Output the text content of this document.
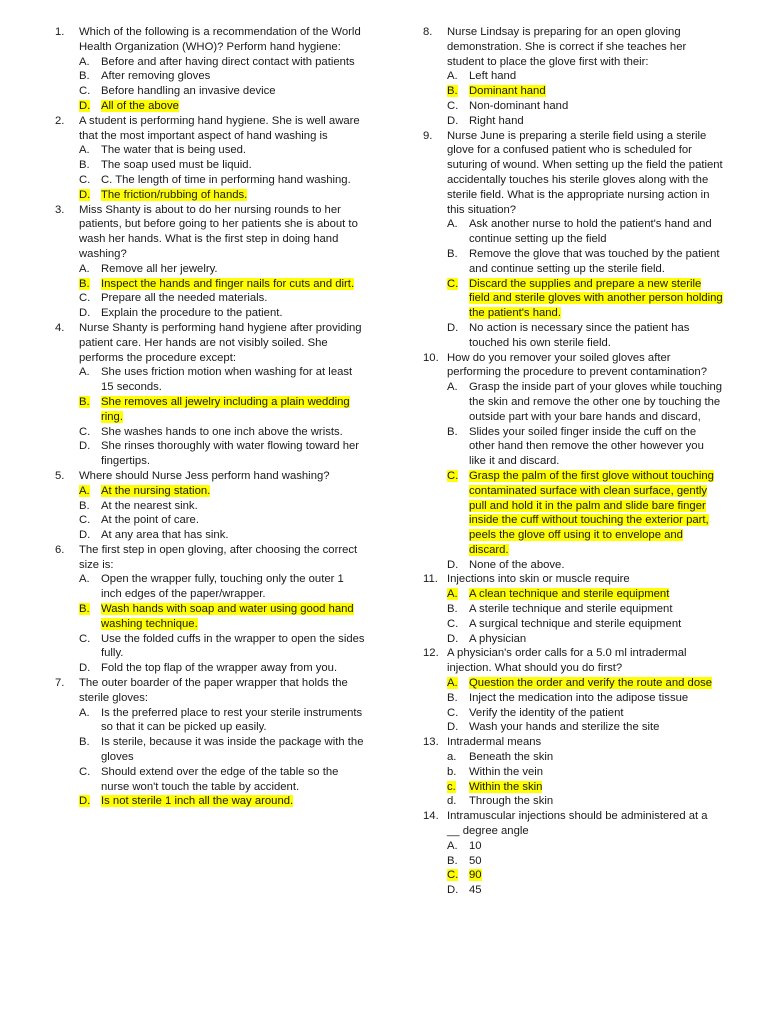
1.	Which of the following is a recommendation of the World Health Organization (WHO)? Perform hand hygiene:
A.	Before and after having direct contact with patients
B.	After removing gloves
C. Before handling an invasive device
D. All of the above
2.	A student is performing hand hygiene. She is well aware that the most important aspect of hand washing is
A.	The water that is being used.
B.	The soap used must be liquid.
C. C. The length of time in performing hand washing.
D. The friction/rubbing of hands.
3.	Miss Shanty is about to do her nursing rounds to her patients, but before going to her patients she is about to wash her hands. What is the first step in doing hand washing?
A.	Remove all her jewelry.
B.	Inspect the hands and finger nails for cuts and dirt.
C. Prepare all the needed materials.
D. Explain the procedure to the patient.
4.	Nurse Shanty is performing hand hygiene after providing patient care. Her hands are not visibly soiled. She performs the procedure except:
A.	She uses friction motion when washing for at least 15 seconds.
B.	She removes all jewelry including a plain wedding ring.
C. She washes hands to one inch above the wrists.
D. She rinses thoroughly with water flowing toward her fingertips.
5.	Where should Nurse Jess perform hand washing?
A.	At the nursing station.
B.	At the nearest sink.
C. At the point of care.
D. At any area that has sink.
6.	The first step in open gloving, after choosing the correct size is:
A.	Open the wrapper fully, touching only the outer 1 inch edges of the paper/wrapper.
B.	Wash hands with soap and water using good hand washing technique.
C. Use the folded cuffs in the wrapper to open the sides fully.
D. Fold the top flap of the wrapper away from you.
7.	The outer boarder of the paper wrapper that holds the sterile gloves:
A.	Is the preferred place to rest your sterile instruments so that it can be picked up easily.
B.	Is sterile, because it was inside the package with the gloves
C. Should extend over the edge of the table so the nurse won't touch the table by accident.
D. Is not sterile 1 inch all the way around.
8.	Nurse Lindsay is preparing for an open gloving demonstration. She is correct if she teaches her student to place the glove first with their:
A.	Left hand
B.	Dominant hand
C. Non-dominant hand
D. Right hand
9.	Nurse June is preparing a sterile field using a sterile glove for a confused patient who is scheduled for suturing of wound. When setting up the field the patient accidentally touches his sterile gloves along with the sterile field. What is the appropriate nursing action in this situation?
A.	Ask another nurse to hold the patient's hand and continue setting up the field
B.	Remove the glove that was touched by the patient and continue setting up the sterile field.
C. Discard the supplies and prepare a new sterile field and sterile gloves with another person holding the patient's hand.
D. No action is necessary since the patient has touched his own sterile field.
10. How do you remover your soiled gloves after performing the procedure to prevent contamination?
A.	Grasp the inside part of your gloves while touching the skin and remove the other one by touching the outside part with your bare hands and discard,
B.	Slides your soiled finger inside the cuff on the other hand then remove the other however you like it and discard.
C. Grasp the palm of the first glove without touching contaminated surface with clean surface, gently pull and hold it in the palm and slide bare finger inside the cuff without touching the exterior part, peels the glove off using it to envelope and discard.
D. None of the above.
11. Injections into skin or muscle require
A.	A clean technique and sterile equipment
B.	A sterile technique and sterile equipment
C. A surgical technique and sterile equipment
D. A physician
12. A physician's order calls for a 5.0 ml intradermal injection. What should you do first?
A.	Question the order and verify the route and dose
B.	Inject the medication into the adipose tissue
C. Verify the identity of the patient
D. Wash your hands and sterilize the site
13. Intradermal means
a.	Beneath the skin
b.	Within the vein
c.	Within the skin
d.	Through the skin
14. Intramuscular injections should be administered at a __ degree angle
A.	10
B.	50
C. 90
D. 45
